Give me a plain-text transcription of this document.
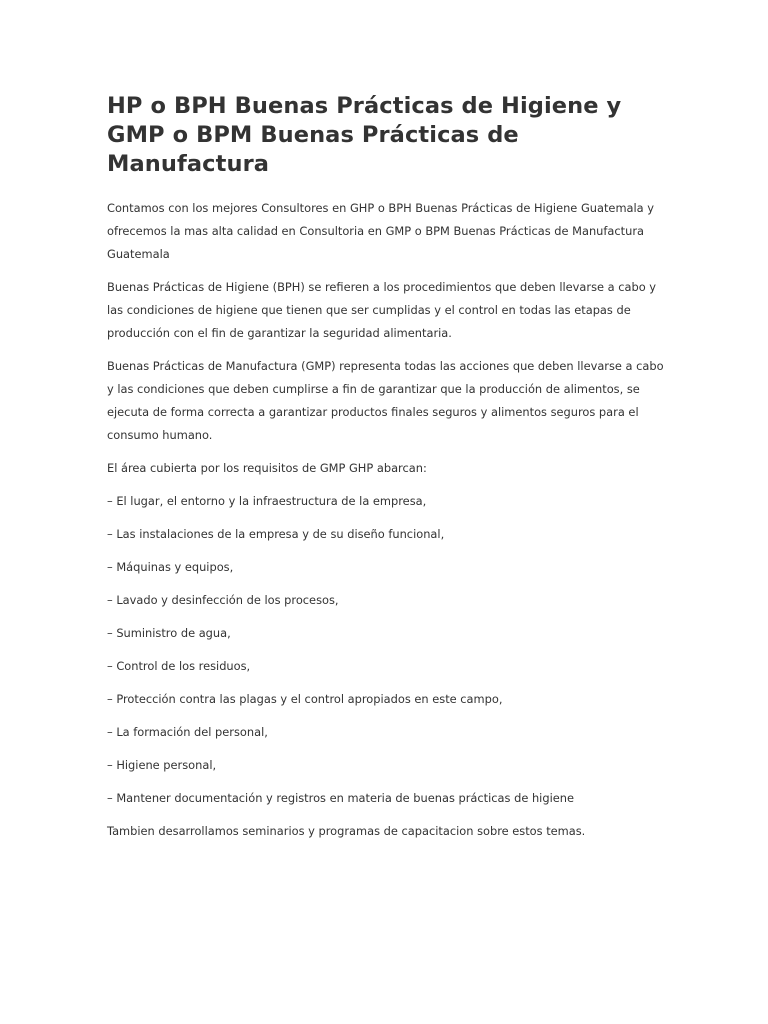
HP o BPH Buenas Prácticas de Higiene y GMP o BPM Buenas Prácticas de Manufactura

Contamos con los mejores Consultores en GHP o BPH Buenas Prácticas de Higiene Guatemala y ofrecemos la mas alta calidad en Consultoria en GMP o BPM Buenas Prácticas de Manufactura Guatemala

Buenas Prácticas de Higiene (BPH) se refieren a los procedimientos que deben llevarse a cabo y las condiciones de higiene que tienen que ser cumplidas y el control en todas las etapas de producción con el fin de garantizar la seguridad alimentaria.

Buenas Prácticas de Manufactura (GMP) representa todas las acciones que deben llevarse a cabo y las condiciones que deben cumplirse a fin de garantizar que la producción de alimentos, se ejecuta de forma correcta a garantizar productos finales seguros y alimentos seguros para el consumo humano.

El área cubierta por los requisitos de GMP GHP abarcan:

– El lugar, el entorno y la infraestructura de la empresa,
– Las instalaciones de la empresa y de su diseño funcional,
– Máquinas y equipos,
– Lavado y desinfección de los procesos,
– Suministro de agua,
– Control de los residuos,
– Protección contra las plagas y el control apropiados en este campo,
– La formación del personal,
– Higiene personal,
– Mantener documentación y registros en materia de buenas prácticas de higiene

Tambien desarrollamos seminarios y programas de capacitacion sobre estos temas.
